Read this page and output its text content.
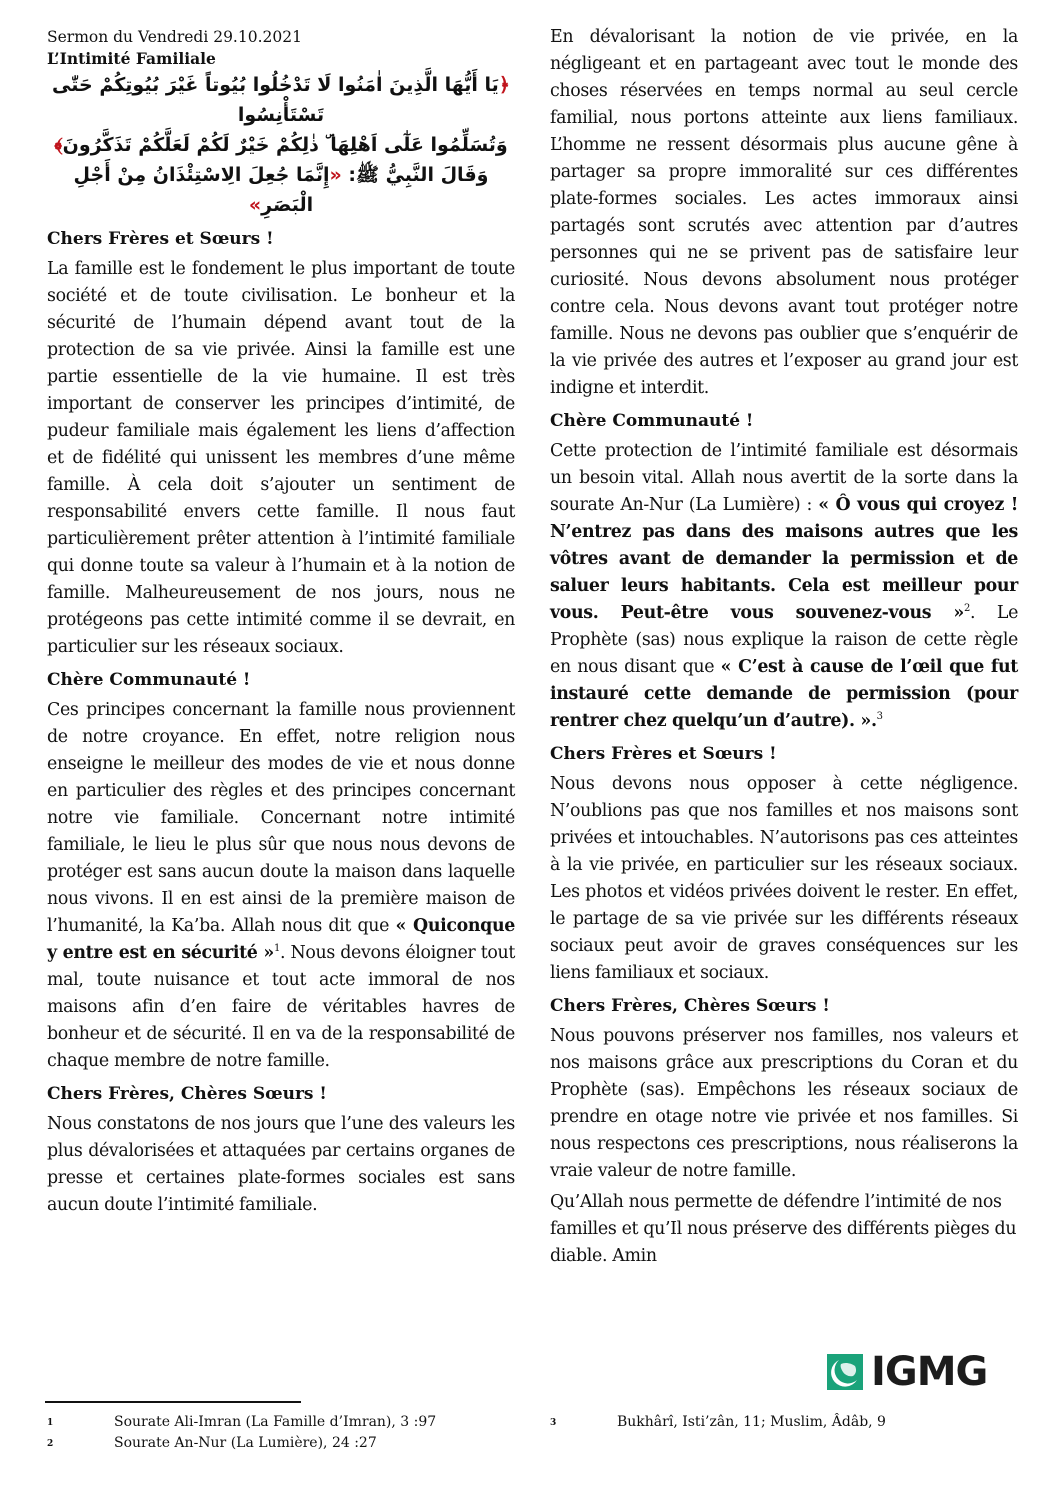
Sermon du Vendredi 29.10.2021

L’Intimité Familiale

﴿يَا أَيُّهَا الَّذِينَ اٰمَنُوا لَا تَدْخُلُوا بُيُوتاً غَيْرَ بُيُوتِكُمْ حَتّٰى تَسْتَأْنِسُوا

وَتُسَلِّمُوا عَلٰٓى اَهْلِهَا ۜ ذٰلِكُمْ خَيْرٌ لَكُمْ لَعَلَّكُمْ تَذَكَّرُونَ﴾

وَقَالَ النَّبِيُّ ﷺ: «إِنَّمَا جُعِلَ الِاسْتِئْذَانُ مِنْ أَجْلِ الْبَصَرِ»

Chers Frères et Sœurs !

La famille est le fondement le plus important de toute société et de toute civilisation. Le bonheur et la sécurité de l’humain dépend avant tout de la protection de sa vie privée. Ainsi la famille est une partie essentielle de la vie humaine. Il est très important de conserver les principes d’intimité, de pudeur familiale mais également les liens d’affection et de fidélité qui unissent les membres d’une même famille. À cela doit s’ajouter un sentiment de responsabilité envers cette famille. Il nous faut particulièrement prêter attention à l’intimité familiale qui donne toute sa valeur à l’humain et à la notion de famille. Malheureusement de nos jours, nous ne protégeons pas cette intimité comme il se devrait, en particulier sur les réseaux sociaux.

Chère Communauté !

Ces principes concernant la famille nous proviennent de notre croyance. En effet, notre religion nous enseigne le meilleur des modes de vie et nous donne en particulier des règles et des principes concernant notre vie familiale. Concernant notre intimité familiale, le lieu le plus sûr que nous nous devons de protéger est sans aucun doute la maison dans laquelle nous vivons. Il en est ainsi de la première maison de l’humanité, la Ka’ba. Allah nous dit que « Quiconque y entre est en sécurité »$^1$. Nous devons éloigner tout mal, toute nuisance et tout acte immoral de nos maisons afin d’en faire de véritables havres de bonheur et de sécurité. Il en va de la responsabilité de chaque membre de notre famille.

Chers Frères, Chères Sœurs !

Nous constatons de nos jours que l’une des valeurs les plus dévalorisées et attaquées par certains organes de presse et certaines plate-formes sociales est sans aucun doute l’intimité familiale.

En dévalorisant la notion de vie privée, en la négligeant et en partageant avec tout le monde des choses réservées en temps normal au seul cercle familial, nous portons atteinte aux liens familiaux. L’homme ne ressent désormais plus aucune gêne à partager sa propre immoralité sur ces différentes plate-formes sociales. Les actes immoraux ainsi partagés sont scrutés avec attention par d’autres personnes qui ne se privent pas de satisfaire leur curiosité. Nous devons absolument nous protéger contre cela. Nous devons avant tout protéger notre famille. Nous ne devons pas oublier que s’enquérir de la vie privée des autres et l’exposer au grand jour est indigne et interdit.

Chère Communauté !

Cette protection de l’intimité familiale est désormais un besoin vital. Allah nous avertit de la sorte dans la sourate An-Nur (La Lumière) : « Ô vous qui croyez ! N’entrez pas dans des maisons autres que les vôtres avant de demander la permission et de saluer leurs habitants. Cela est meilleur pour vous. Peut-être vous souvenez-vous »$^2$. Le Prophète (sas) nous explique la raison de cette règle en nous disant que « C’est à cause de l’œil que fut instauré cette demande de permission (pour rentrer chez quelqu’un d’autre). ».$^3$

Chers Frères et Sœurs !

Nous devons nous opposer à cette négligence. N’oublions pas que nos familles et nos maisons sont privées et intouchables. N’autorisons pas ces atteintes à la vie privée, en particulier sur les réseaux sociaux. Les photos et vidéos privées doivent le rester. En effet, le partage de sa vie privée sur les différents réseaux sociaux peut avoir de graves conséquences sur les liens familiaux et sociaux.

Chers Frères, Chères Sœurs !

Nous pouvons préserver nos familles, nos valeurs et nos maisons grâce aux prescriptions du Coran et du Prophète (sas). Empêchons les réseaux sociaux de prendre en otage notre vie privée et nos familles. Si nous respectons ces prescriptions, nous réaliserons la vraie valeur de notre famille.

Qu’Allah nous permette de défendre l’intimité de nos familles et qu’Il nous préserve des différents pièges du diable. Amin

IGMG
1	Sourate Ali-Imran (La Famille d’Imran), 3 :97
2	Sourate An-Nur (La Lumière), 24 :27
3	Bukhârî, Isti’zân, 11; Muslim, Âdâb, 9
